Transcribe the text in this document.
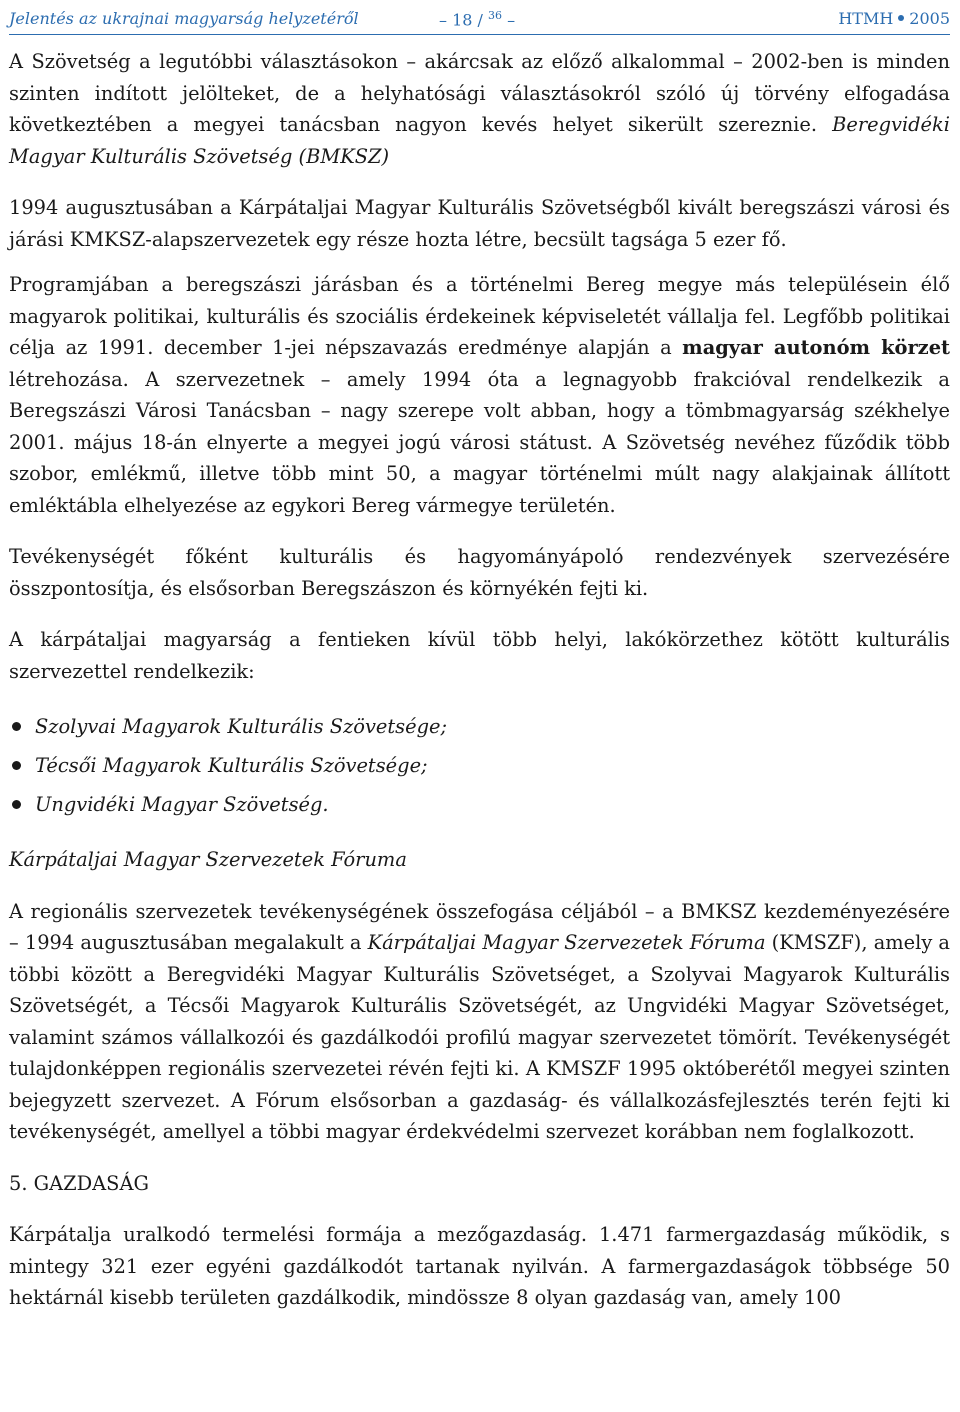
Jelentés az ukrajnai magyarság helyzetéről	– 18 / $^{36}$ –	HTMH 2005

A Szövetség a legutóbbi választásokon – akárcsak az előző alkalommal – 2002-ben is minden szinten indított jelölteket, de a helyhatósági választásokról szóló új törvény elfogadása következtében a megyei tanácsban nagyon kevés helyet sikerült szereznie. Beregvidéki Magyar Kulturális Szövetség (BMKSZ)

1994 augusztusában a Kárpátaljai Magyar Kulturális Szövetségből kivált beregszászi városi és járási KMKSZ-alapszervezetek egy része hozta létre, becsült tagsága 5 ezer fő.

Programjában a beregszászi járásban és a történelmi Bereg megye más településein élő magyarok politikai, kulturális és szociális érdekeinek képviseletét vállalja fel. Legfőbb politikai célja az 1991. december 1-jei népszavazás eredménye alapján a magyar autonóm körzet létrehozása. A szervezetnek – amely 1994 óta a legnagyobb frakcióval rendelkezik a Beregszászi Városi Tanácsban – nagy szerepe volt abban, hogy a tömbmagyarság székhelye 2001. május 18-án elnyerte a megyei jogú városi státust. A Szövetség nevéhez fűződik több szobor, emlékmű, illetve több mint 50, a magyar történelmi múlt nagy alakjainak állított emléktábla elhelyezése az egykori Bereg vármegye területén.

Tevékenységét főként kulturális és hagyományápoló rendezvények szervezésére összpontosítja, és elsősorban Beregszászon és környékén fejti ki.

A kárpátaljai magyarság a fentieken kívül több helyi, lakókörzethez kötött kulturális szervezettel rendelkezik:

Szolyvai Magyarok Kulturális Szövetsége;
Técsői Magyarok Kulturális Szövetsége;
Ungvidéki Magyar Szövetség.

Kárpátaljai Magyar Szervezetek Fóruma

A regionális szervezetek tevékenységének összefogása céljából – a BMKSZ kezdeményezésére – 1994 augusztusában megalakult a Kárpátaljai Magyar Szervezetek Fóruma (KMSZF), amely a többi között a Beregvidéki Magyar Kulturális Szövetséget, a Szolyvai Magyarok Kulturális Szövetségét, a Técsői Magyarok Kulturális Szövetségét, az Ungvidéki Magyar Szövetséget, valamint számos vállalkozói és gazdálkodói profilú magyar szervezetet tömörít. Tevékenységét tulajdonképpen regionális szervezetei révén fejti ki. A KMSZF 1995 októberétől megyei szinten bejegyzett szervezet. A Fórum elsősorban a gazdaság- és vállalkozásfejlesztés terén fejti ki tevékenységét, amellyel a többi magyar érdekvédelmi szervezet korábban nem foglalkozott.

5. GAZDASÁG

Kárpátalja uralkodó termelési formája a mezőgazdaság. 1.471 farmergazdaság működik, s mintegy 321 ezer egyéni gazdálkodót tartanak nyilván. A farmergazdaságok többsége 50 hektárnál kisebb területen gazdálkodik, mindössze 8 olyan gazdaság van, amely 100
